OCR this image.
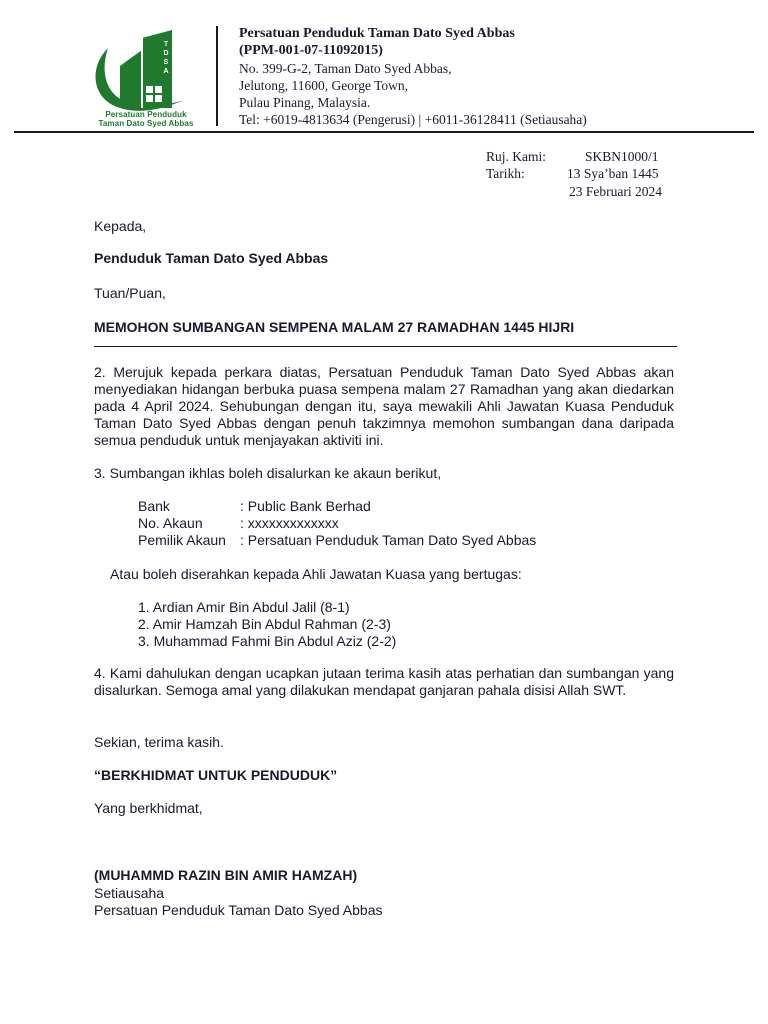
T
D
S
A
Persatuan Penduduk
Taman Dato Syed Abbas
Persatuan Penduduk Taman Dato Syed Abbas
(PPM-001-07-11092015)
No. 399-G-2, Taman Dato Syed Abbas,
Jelutong, 11600, George Town,
Pulau Pinang, Malaysia.
Tel: +6019-4813634 (Pengerusi) | +6011-36128411 (Setiausaha)
Ruj. Kami:	SKBN1000/1
Tarikh:	13 Sya’ban 1445
23 Februari 2024
Kepada,
Penduduk Taman Dato Syed Abbas
Tuan/Puan,
MEMOHON SUMBANGAN SEMPENA MALAM 27 RAMADHAN 1445 HIJRI
2. Merujuk kepada perkara diatas, Persatuan Penduduk Taman Dato Syed Abbas akan menyediakan hidangan berbuka puasa sempena malam 27 Ramadhan yang akan diedarkan pada 4 April 2024. Sehubungan dengan itu, saya mewakili Ahli Jawatan Kuasa Penduduk Taman Dato Syed Abbas dengan penuh takzimnya memohon sumbangan dana daripada semua penduduk untuk menjayakan aktiviti ini.
3. Sumbangan ikhlas boleh disalurkan ke akaun berikut,
Bank	: Public Bank Berhad
No. Akaun	: xxxxxxxxxxxxx
Pemilik Akaun : Persatuan Penduduk Taman Dato Syed Abbas
Atau boleh diserahkan kepada Ahli Jawatan Kuasa yang bertugas:
1. Ardian Amir Bin Abdul Jalil (8-1)
2. Amir Hamzah Bin Abdul Rahman (2-3)
3. Muhammad Fahmi Bin Abdul Aziz (2-2)
4. Kami dahulukan dengan ucapkan jutaan terima kasih atas perhatian dan sumbangan yang disalurkan. Semoga amal yang dilakukan mendapat ganjaran pahala disisi Allah SWT.
Sekian, terima kasih.
“BERKHIDMAT UNTUK PENDUDUK”
Yang berkhidmat,
(MUHAMMD RAZIN BIN AMIR HAMZAH)
Setiausaha
Persatuan Penduduk Taman Dato Syed Abbas
